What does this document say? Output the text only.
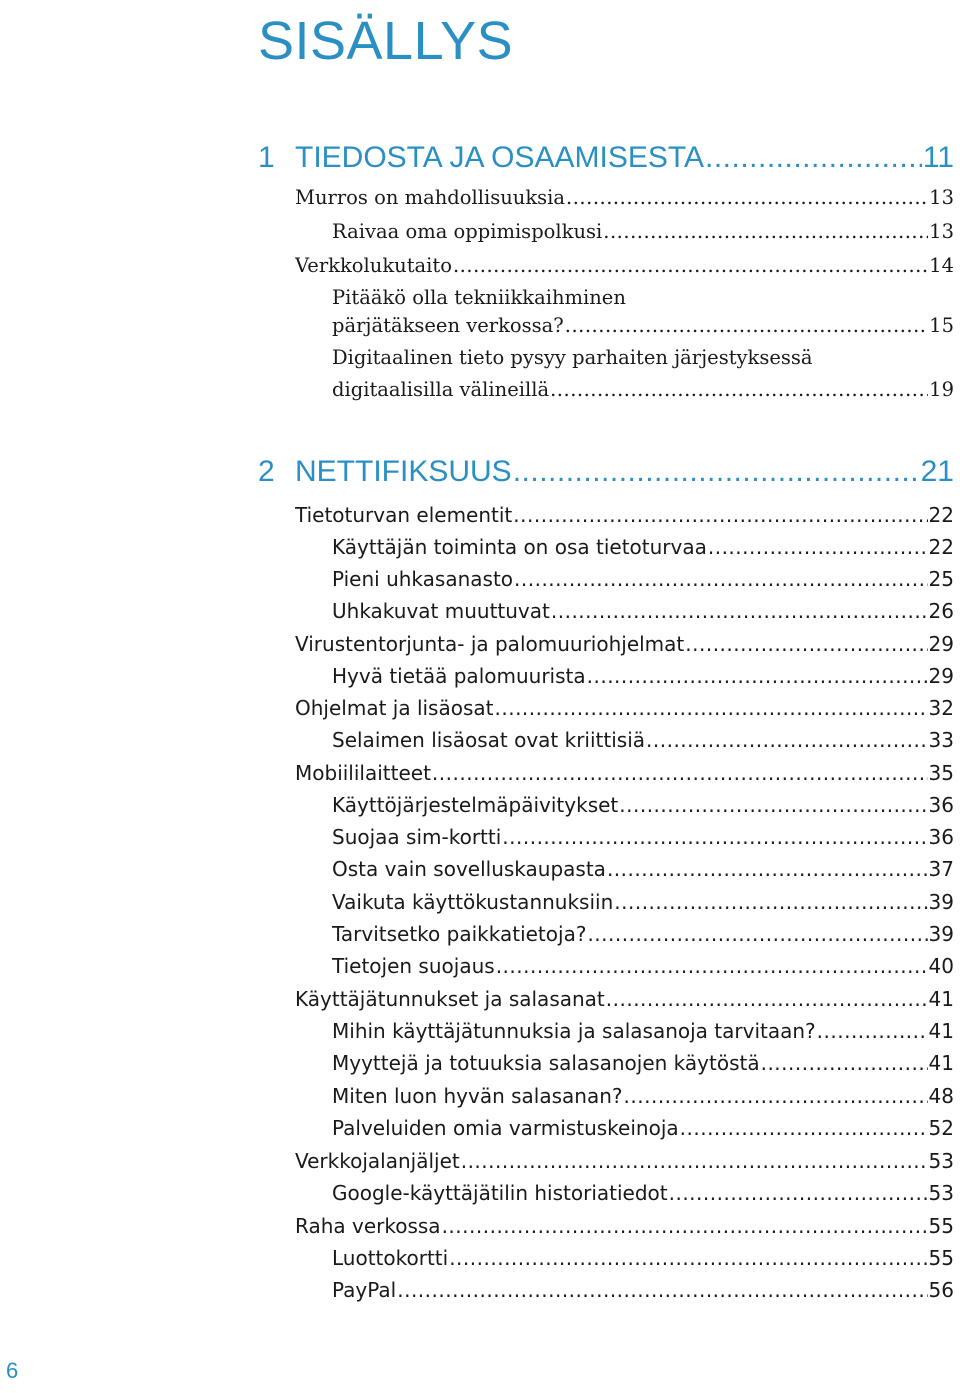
SISÄLLYS
1 TIEDOSTA JA OSAAMISESTA .....	11
Murros on mahdollisuuksia .....	13
Raivaa oma oppimispolkusi .....	13
Verkkolukutaito .....	14
Pitääkö olla tekniikkaihminen
pärjätäkseen verkossa? .....	15
Digitaalinen tieto pysyy parhaiten järjestyksessä
digitaalisilla välineillä .....	19
2 NETTIFIKSUUS .....	21
Tietoturvan elementit .....	22
Käyttäjän toiminta on osa tietoturvaa .....	22
Pieni uhkasanasto .....	25
Uhkakuvat muuttuvat .....	26
Virustentorjunta- ja palomuuriohjelmat .....	29
Hyvä tietää palomuurista .....	29
Ohjelmat ja lisäosat .....	32
Selaimen lisäosat ovat kriittisiä .....	33
Mobiililaitteet .....	35
Käyttöjärjestelmäpäivitykset .....	36
Suojaa sim-kortti .....	36
Osta vain sovelluskaupasta .....	37
Vaikuta käyttökustannuksiin .....	39
Tarvitsetko paikkatietoja? .....	39
Tietojen suojaus .....	40
Käyttäjätunnukset ja salasanat .....	41
Mihin käyttäjätunnuksia ja salasanoja tarvitaan? .....	41
Myyttejä ja totuuksia salasanojen käytöstä .....	41
Miten luon hyvän salasanan? .....	48
Palveluiden omia varmistuskeinoja .....	52
Verkkojalanjäljet .....	53
Google-käyttäjätilin historiatiedot .....	53
Raha verkossa .....	55
Luottokortti .....	55
PayPal .....	56
6
